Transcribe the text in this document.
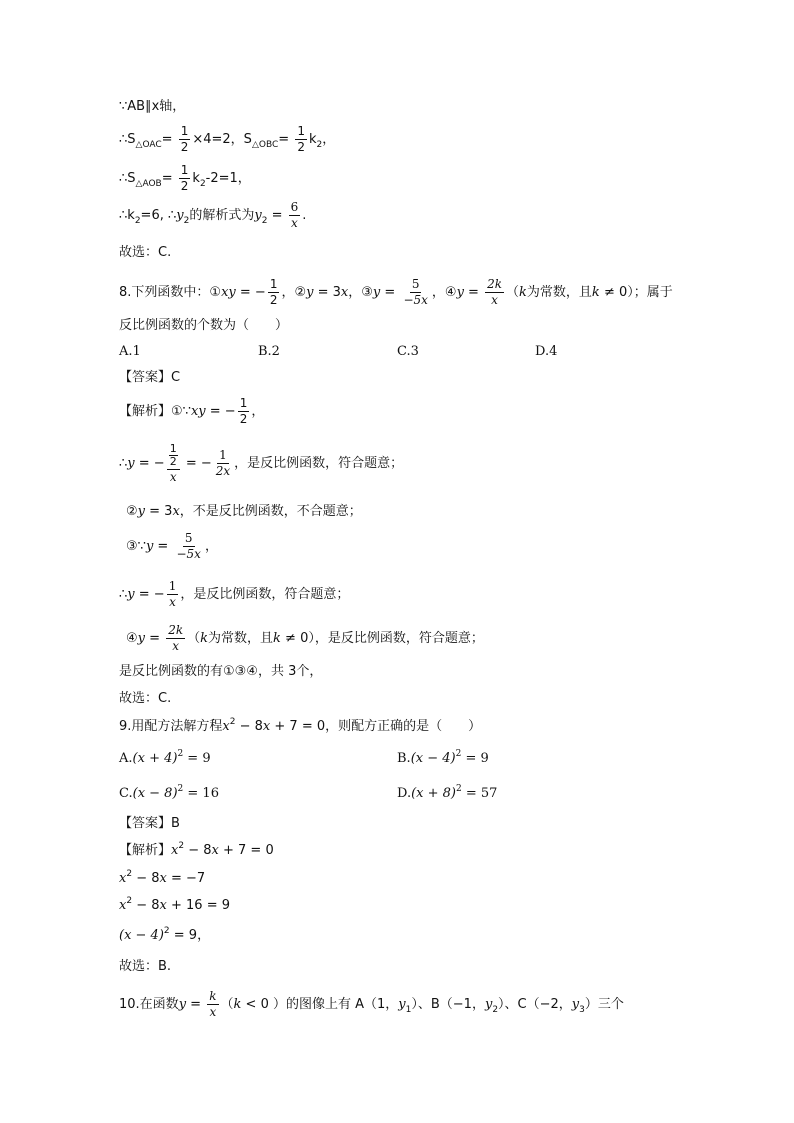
∵AB∥x轴，
$\therefore S_{\triangle OAC}= \frac{1}{2} \times 4=2$，$S_{\triangle OBC}= \frac{1}{2} k_2$，
$\therefore S_{\triangle AOB}= \frac{1}{2} k_2-2=1$，
$\therefore k_2=6$, $\therefore y_2$的解析式为$y_2 = \frac{6}{x}$ .
故选：C.
8.下列函数中：①xy = − $\frac{1}{2}$ ，②y = 3x，③y = $\frac{5}{-5x}$ ，④y = $\frac{2k}{x} (k$为常数，且k ≠ 0）；属于
反比例函数的个数为（　　）
A.1	B.2	C.3	D.4
【答案】C
【解析】①∵xy = − $\frac{1}{2}$ ，
∴y = − 1
2
x = − $\frac{1}{2x}$ ，是反比例函数，符合题意；
②y = 3x，不是反比例函数，不合题意；
③∵y = $\frac{5}{-5x}$ ，
∴y = − $\frac{1}{x}$ ，是反比例函数，符合题意；
④y = $\frac{2k}{x} (k$为常数，且k ≠ 0），是反比例函数，符合题意；
是反比例函数的有①③④，共 3个，
故选：C.
9.用配方法解方程$x^2 - 8x + 7 = 0$，则配方正确的是（　　）
$A.(x + 4)^2 = 9$	$B.(x - 4)^2 = 9$
$C.(x - 8)^2 = 16$	$D.(x + 8)^2 = 57$
【答案】B
【解析】$x^2 - 8x + 7 = 0$
$x^2 - 8x = -7$
$x^2 - 8x + 16 = 9$
$(x - 4)^2 = 9$，
故选：B.
10.在函数$y = \frac{k}{x} (k < 0$ ）的图像上有 A（1，$y_1$）、B（−1，$y_2$）、C（−2，$y_3$）三个
